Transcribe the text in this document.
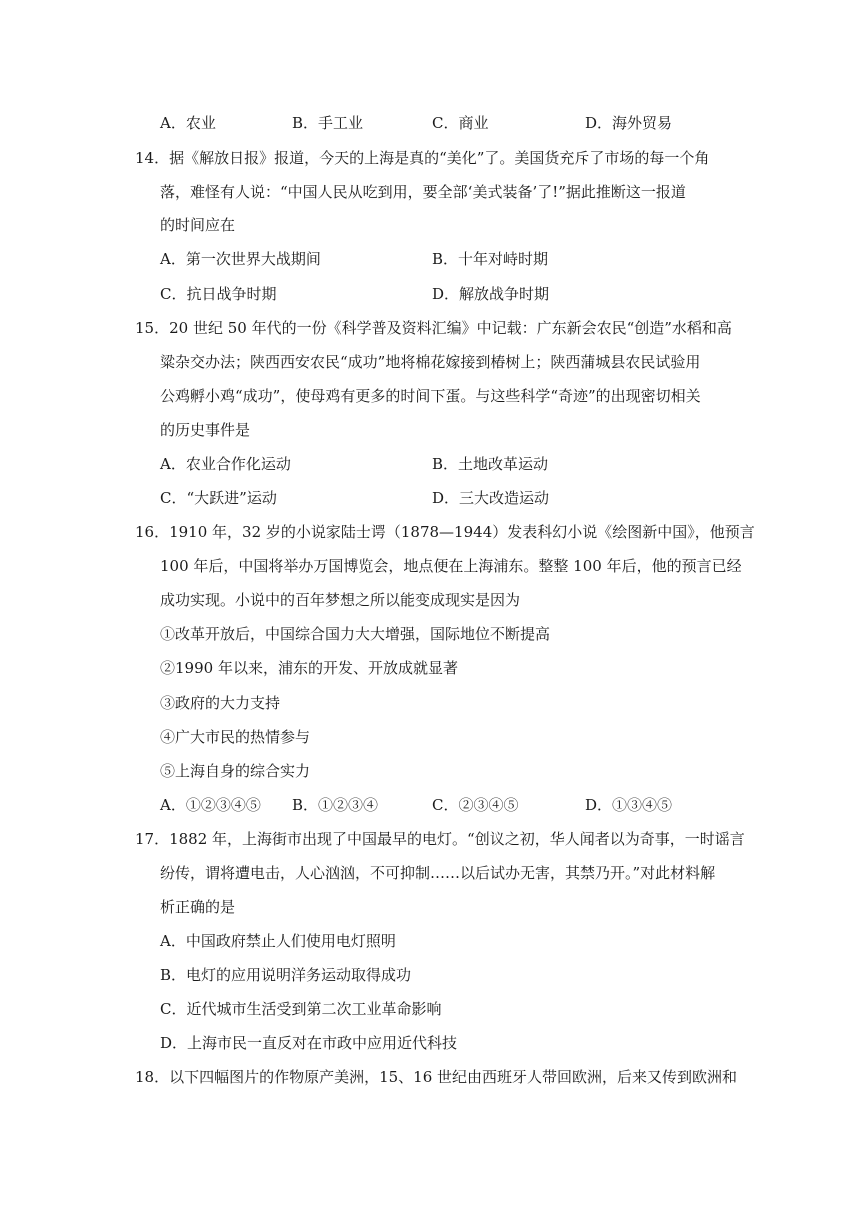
A．农业	B．手工业	C．商业	D．海外贸易
14．据《解放日报》报道，今天的上海是真的“美化”了。美国货充斥了市场的每一个角
落，难怪有人说：“中国人民从吃到用，要全部‘美式装备’了!”据此推断这一报道
的时间应在
A．第一次世界大战期间	B．十年对峙时期
C．抗日战争时期	D．解放战争时期
15．20 世纪 50 年代的一份《科学普及资料汇编》中记载：广东新会农民“创造”水稻和高
粱杂交办法；陕西西安农民“成功”地将棉花嫁接到椿树上；陕西蒲城县农民试验用
公鸡孵小鸡“成功”，使母鸡有更多的时间下蛋。与这些科学“奇迹”的出现密切相关
的历史事件是
A．农业合作化运动	B．土地改革运动
C．“大跃进”运动	D．三大改造运动
16．1910 年，32 岁的小说家陆士谔（1878—1944）发表科幻小说《绘图新中国》，他预言
100 年后，中国将举办万国博览会，地点便在上海浦东。整整 100 年后，他的预言已经
成功实现。小说中的百年梦想之所以能变成现实是因为
①改革开放后，中国综合国力大大增强，国际地位不断提高
②1990 年以来，浦东的开发、开放成就显著
③政府的大力支持
④广大市民的热情参与
⑤上海自身的综合实力
A．①②③④⑤ B．①②③④	C．②③④⑤	D．①③④⑤
17．1882 年，上海街市出现了中国最早的电灯。“创议之初，华人闻者以为奇事，一时谣言
纷传，谓将遭电击，人心汹汹，不可抑制……以后试办无害，其禁乃开。”对此材料解
析正确的是
A．中国政府禁止人们使用电灯照明
B．电灯的应用说明洋务运动取得成功
C．近代城市生活受到第二次工业革命影响
D．上海市民一直反对在市政中应用近代科技
18．以下四幅图片的作物原产美洲，15、16 世纪由西班牙人带回欧洲，后来又传到欧洲和
